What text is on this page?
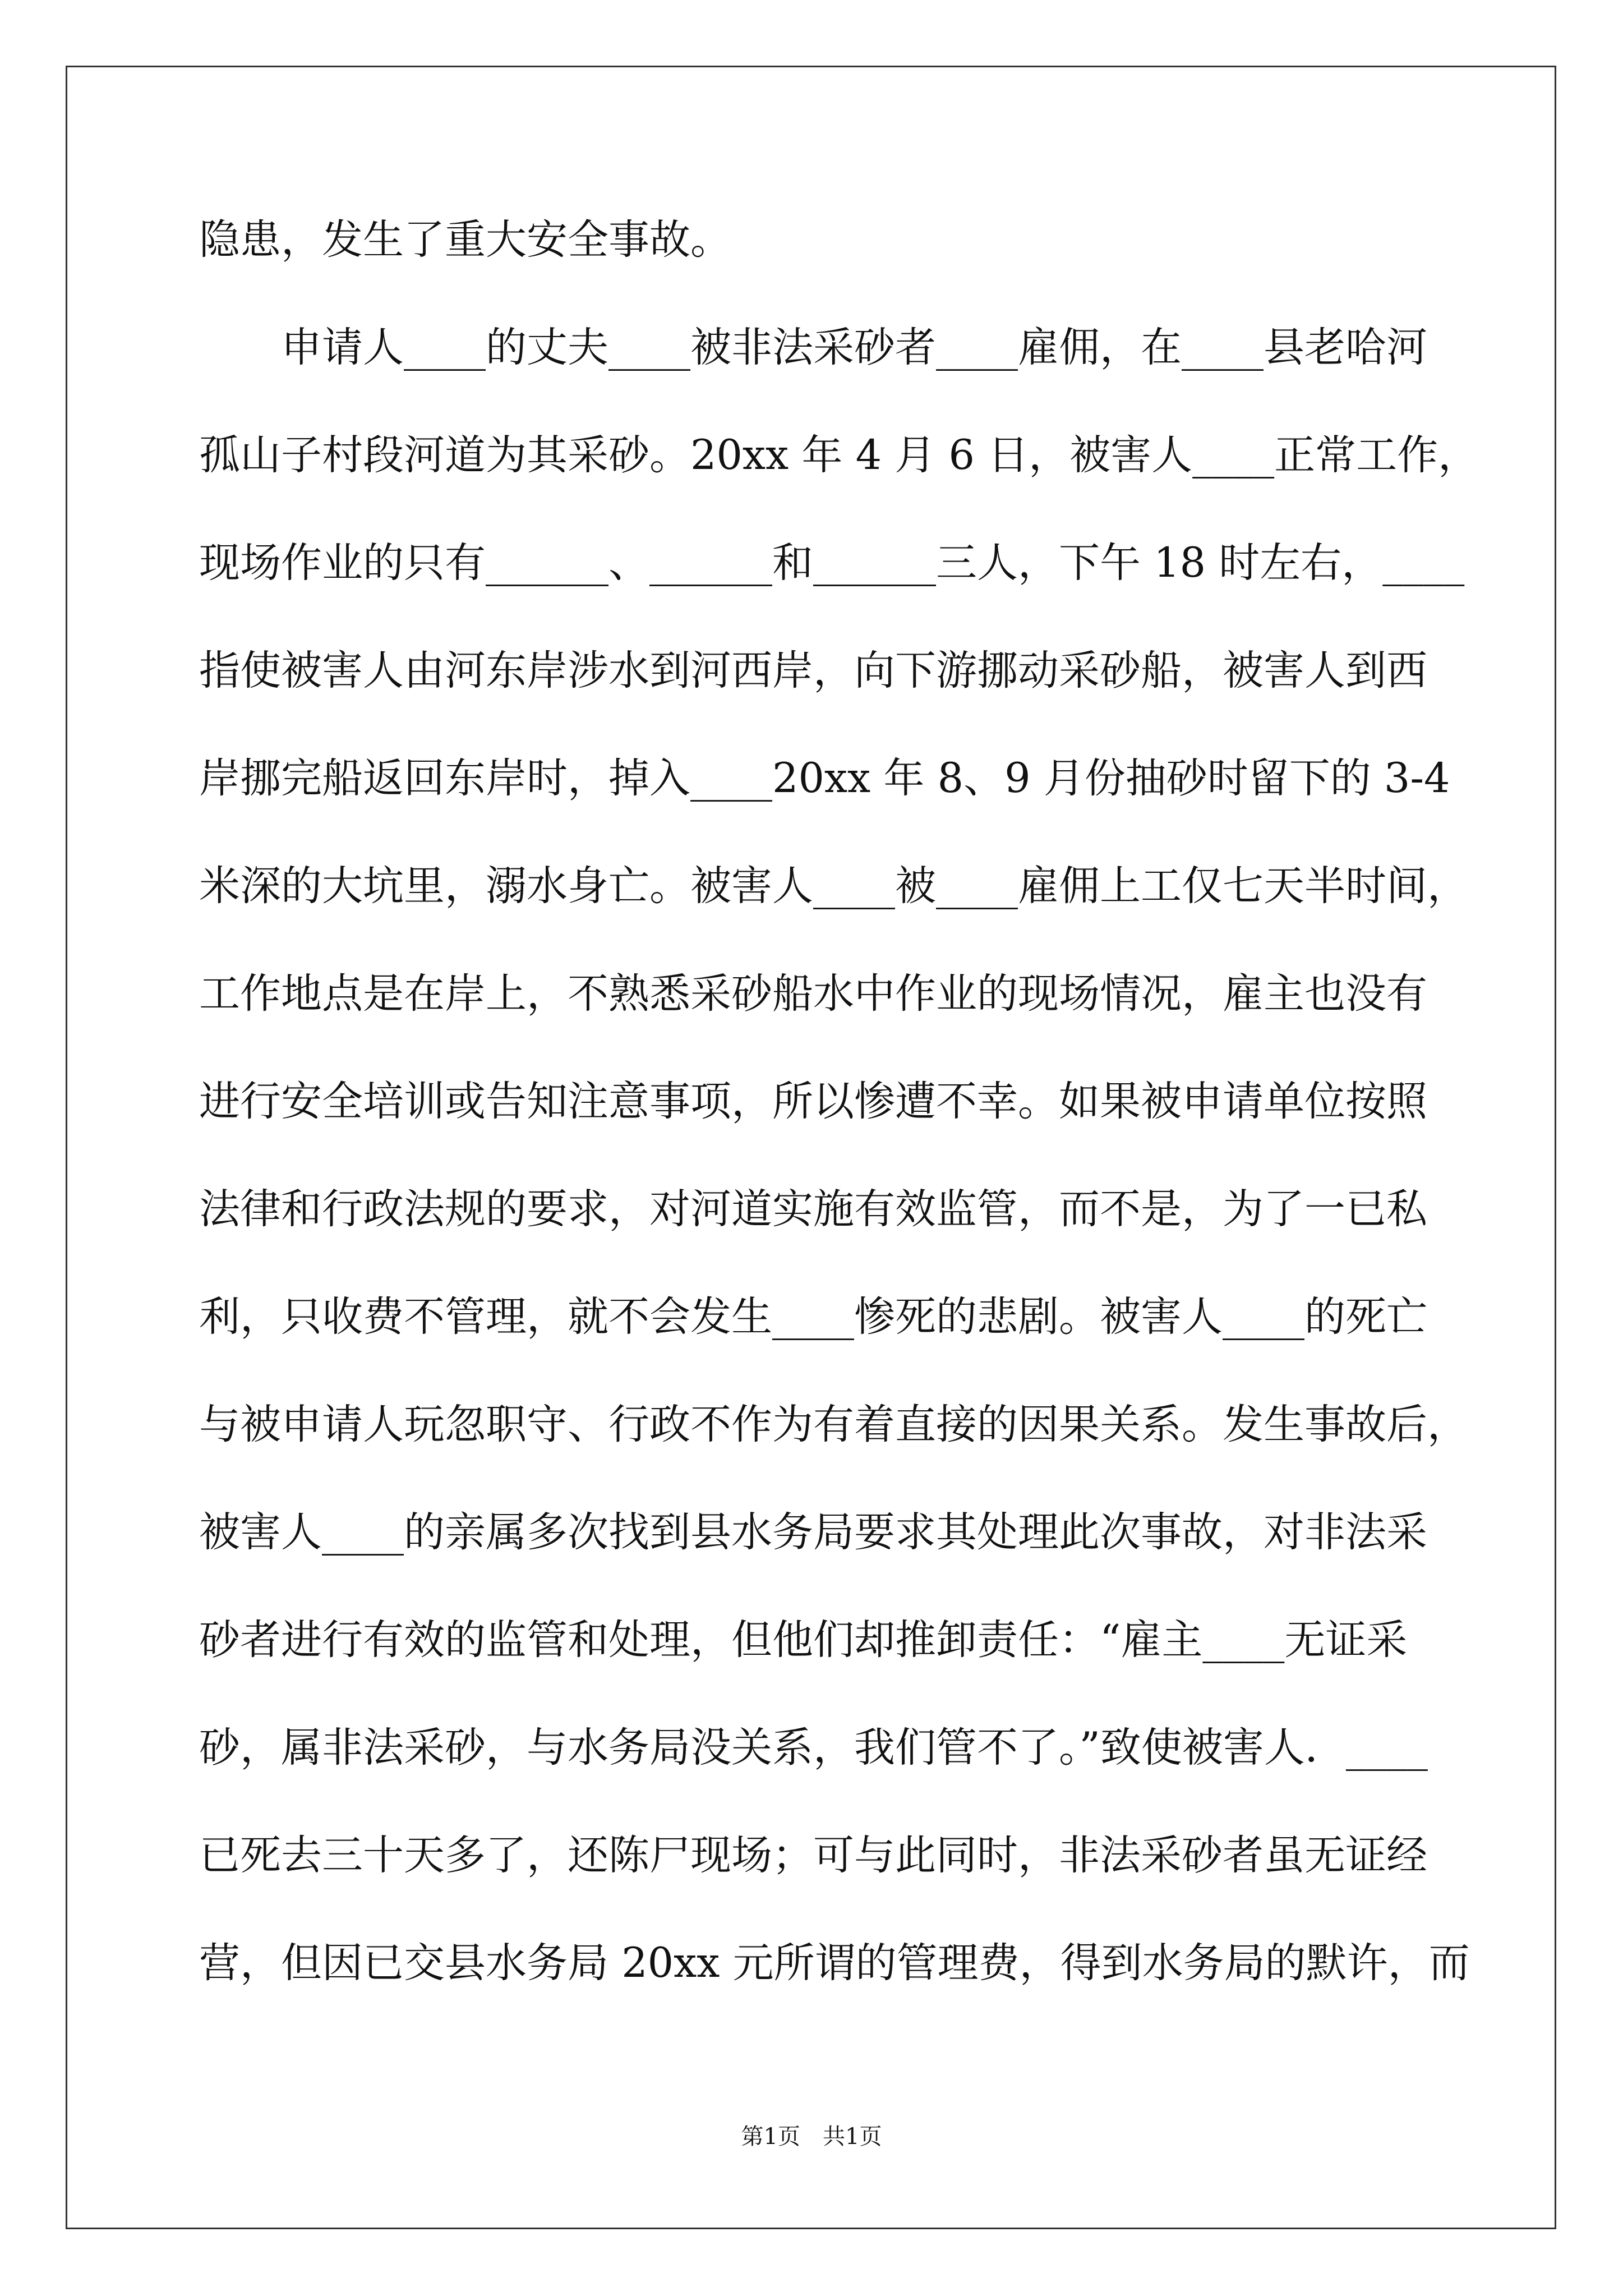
隐患，发生了重大安全事故。
　　申请人____的丈夫____被非法采砂者____雇佣，在____县老哈河
孤山子村段河道为其采砂。20xx 年 4 月 6 日，被害人____正常工作，
现场作业的只有______、______和______三人，下午 18 时左右，____
指使被害人由河东岸涉水到河西岸，向下游挪动采砂船，被害人到西
岸挪完船返回东岸时，掉入____20xx 年 8、9 月份抽砂时留下的 3-4
米深的大坑里，溺水身亡。被害人____被____雇佣上工仅七天半时间，
工作地点是在岸上，不熟悉采砂船水中作业的现场情况，雇主也没有
进行安全培训或告知注意事项，所以惨遭不幸。如果被申请单位按照
法律和行政法规的要求，对河道实施有效监管，而不是，为了一已私
利，只收费不管理，就不会发生____惨死的悲剧。被害人____的死亡
与被申请人玩忽职守、行政不作为有着直接的因果关系。发生事故后，
被害人____的亲属多次找到县水务局要求其处理此次事故，对非法采
砂者进行有效的监管和处理，但他们却推卸责任：“雇主____无证采
砂，属非法采砂，与水务局没关系，我们管不了。”致使被害人．____
已死去三十天多了，还陈尸现场；可与此同时，非法采砂者虽无证经
营，但因已交县水务局 20xx 元所谓的管理费，得到水务局的默许，而
第1页　共1页
